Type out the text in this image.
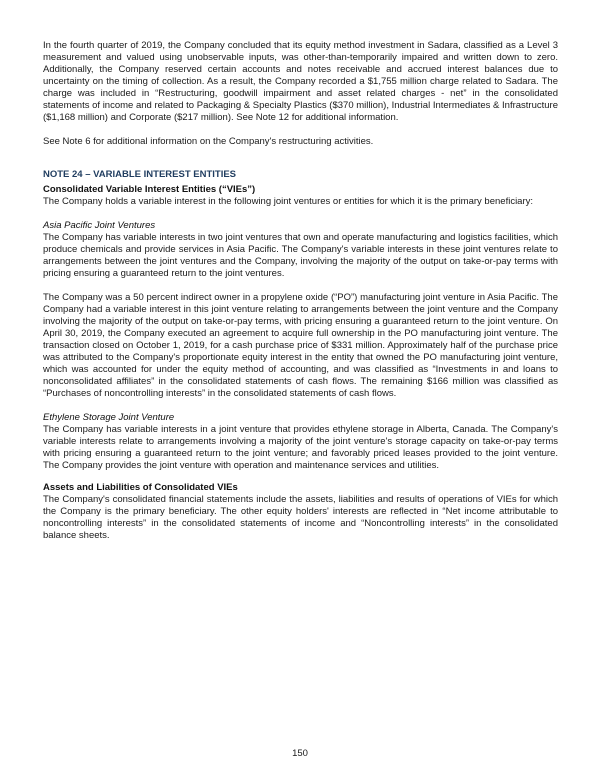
In the fourth quarter of 2019, the Company concluded that its equity method investment in Sadara, classified as a Level 3 measurement and valued using unobservable inputs, was other-than-temporarily impaired and written down to zero. Additionally, the Company reserved certain accounts and notes receivable and accrued interest balances due to uncertainty on the timing of collection. As a result, the Company recorded a $1,755 million charge related to Sadara. The charge was included in “Restructuring, goodwill impairment and asset related charges - net” in the consolidated statements of income and related to Packaging & Specialty Plastics ($370 million), Industrial Intermediates & Infrastructure ($1,168 million) and Corporate ($217 million). See Note 12 for additional information.

See Note 6 for additional information on the Company's restructuring activities.

NOTE 24 – VARIABLE INTEREST ENTITIES

Consolidated Variable Interest Entities (“VIEs”)

The Company holds a variable interest in the following joint ventures or entities for which it is the primary beneficiary:

Asia Pacific Joint Ventures

The Company has variable interests in two joint ventures that own and operate manufacturing and logistics facilities, which produce chemicals and provide services in Asia Pacific. The Company's variable interests in these joint ventures relate to arrangements between the joint ventures and the Company, involving the majority of the output on take-or-pay terms with pricing ensuring a guaranteed return to the joint ventures.

The Company was a 50 percent indirect owner in a propylene oxide (“PO”) manufacturing joint venture in Asia Pacific. The Company had a variable interest in this joint venture relating to arrangements between the joint venture and the Company involving the majority of the output on take-or-pay terms, with pricing ensuring a guaranteed return to the joint venture. On April 30, 2019, the Company executed an agreement to acquire full ownership in the PO manufacturing joint venture. The transaction closed on October 1, 2019, for a cash purchase price of $331 million. Approximately half of the purchase price was attributed to the Company's proportionate equity interest in the entity that owned the PO manufacturing joint venture, which was accounted for under the equity method of accounting, and was classified as “Investments in and loans to nonconsolidated affiliates” in the consolidated statements of cash flows. The remaining $166 million was classified as “Purchases of noncontrolling interests” in the consolidated statements of cash flows.

Ethylene Storage Joint Venture

The Company has variable interests in a joint venture that provides ethylene storage in Alberta, Canada. The Company's variable interests relate to arrangements involving a majority of the joint venture's storage capacity on take-or-pay terms with pricing ensuring a guaranteed return to the joint venture; and favorably priced leases provided to the joint venture. The Company provides the joint venture with operation and maintenance services and utilities.

Assets and Liabilities of Consolidated VIEs

The Company's consolidated financial statements include the assets, liabilities and results of operations of VIEs for which the Company is the primary beneficiary. The other equity holders' interests are reflected in “Net income attributable to noncontrolling interests” in the consolidated statements of income and “Noncontrolling interests” in the consolidated balance sheets.

150
